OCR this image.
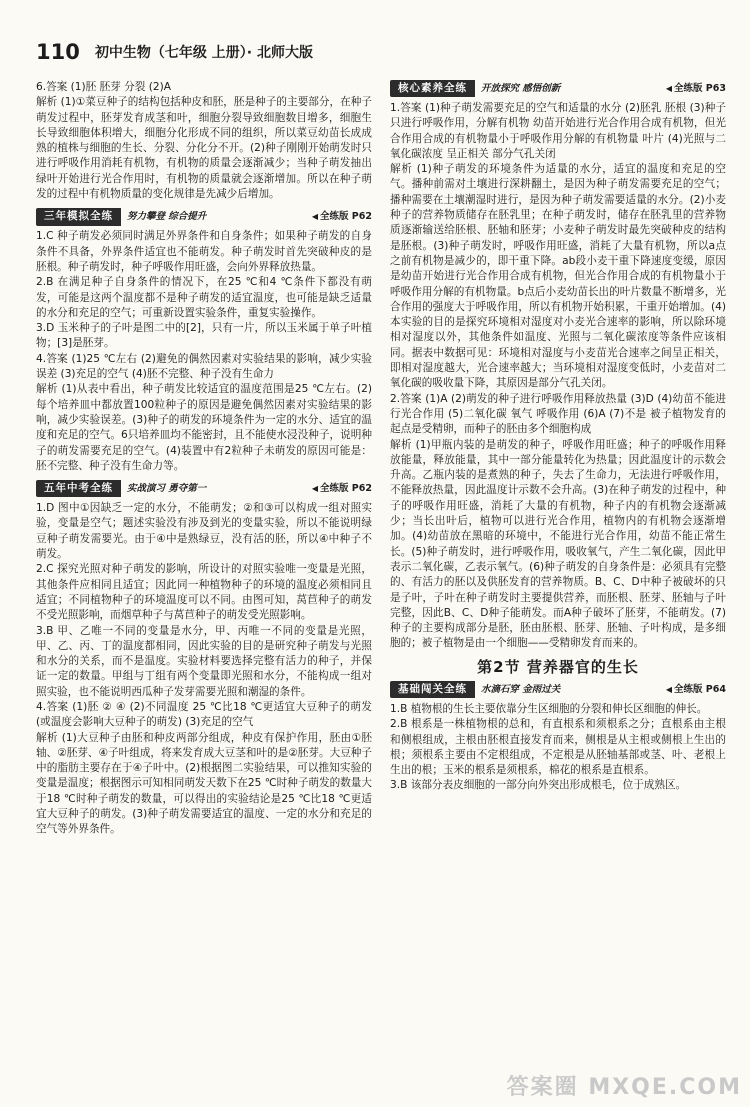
110 初中生物（七年级 上册）· 北师大版

6.答案 (1)胚 胚芽 分裂 (2)A

解析 (1)①菜豆种子的结构包括种皮和胚，胚是种子的主要部分，在种子萌发过程中，胚芽发育成茎和叶，细胞分裂导致细胞数目增多，细胞生长导致细胞体积增大，细胞分化形成不同的组织，所以菜豆幼苗长成成熟的植株与细胞的生长、分裂、分化分不开。(2)种子刚刚开始萌发时只进行呼吸作用消耗有机物，有机物的质量会逐渐减少；当种子萌发抽出绿叶开始进行光合作用时，有机物的质量就会逐渐增加。所以在种子萌发的过程中有机物质量的变化规律是先减少后增加。

三年模拟全练	努力攀登 综合提升	◀ 全练版 P62

1.C 种子萌发必须同时满足外界条件和自身条件；如果种子萌发的自身条件不具备，外界条件适宜也不能萌发。种子萌发时首先突破种皮的是胚根。种子萌发时，种子呼吸作用旺盛，会向外界释放热量。

2.B 在满足种子自身条件的情况下，在25 ℃和4 ℃条件下都没有萌发，可能是这两个温度都不是种子萌发的适宜温度，也可能是缺乏适量的水分和充足的空气；可重新设置实验条件，重复实验操作。

3.D 玉米种子的子叶是图二中的[2]，只有一片，所以玉米属于单子叶植物；[3]是胚芽。

4.答案 (1)25 ℃左右 (2)避免的偶然因素对实验结果的影响，减少实验误差 (3)充足的空气 (4)胚不完整、种子没有生命力

解析 (1)从表中看出，种子萌发比较适宜的温度范围是25 ℃左右。(2)每个培养皿中都放置100粒种子的原因是避免偶然因素对实验结果的影响，减少实验误差。(3)种子的萌发的环境条件为一定的水分、适宜的温度和充足的空气。6只培养皿均不能密封，且不能使水浸没种子，说明种子的萌发需要充足的空气。(4)装置中有2粒种子未萌发的原因可能是：胚不完整、种子没有生命力等。

五年中考全练	实战演习 勇夺第一	◀ 全练版 P62

1.D 图中①因缺乏一定的水分，不能萌发；②和③可以构成一组对照实验，变量是空气；题述实验没有涉及到光的变量实验，所以不能说明绿豆种子萌发需要光。由于④中是熟绿豆，没有活的胚，所以④中种子不萌发。

2.C 探究光照对种子萌发的影响，所设计的对照实验唯一变量是光照，其他条件应相同且适宜；因此同一种植物种子的环境的温度必须相同且适宜；不同植物种子的环境温度可以不同。由图可知，莴苣种子的萌发不受光照影响，而烟草种子与莴苣种子的萌发受光照影响。

3.B 甲、乙唯一不同的变量是水分，甲、丙唯一不同的变量是光照，甲、乙、丙、丁的温度都相同，因此实验的目的是研究种子萌发与光照和水分的关系，而不是温度。实验材料要选择完整有活力的种子，并保证一定的数量。甲组与丁组有两个变量即光照和水分，不能构成一组对照实验，也不能说明西瓜种子发芽需要光照和潮湿的条件。

4.答案 (1)胚 ② ④ (2)不同温度 25 ℃比18 ℃更适宜大豆种子的萌发(或温度会影响大豆种子的萌发) (3)充足的空气

解析 (1)大豆种子由胚和种皮两部分组成，种皮有保护作用，胚由①胚轴、②胚芽、④子叶组成，将来发育成大豆茎和叶的是②胚芽。大豆种子中的脂肪主要存在于④子叶中。(2)根据图二实验结果，可以推知实验的变量是温度；根据图示可知相同萌发天数下在25 ℃时种子萌发的数量大于18 ℃时种子萌发的数量，可以得出的实验结论是25 ℃比18 ℃更适宜大豆种子的萌发。(3)种子萌发需要适宜的温度、一定的水分和充足的空气等外界条件。

核心素养全练	开放探究 感悟创新	◀ 全练版 P63

1.答案 (1)种子萌发需要充足的空气和适量的水分 (2)胚乳 胚根 (3)种子只进行呼吸作用，分解有机物 幼苗开始进行光合作用合成有机物，但光合作用合成的有机物量小于呼吸作用分解的有机物量 叶片 (4)光照与二氧化碳浓度 呈正相关 部分气孔关闭

解析 (1)种子萌发的环境条件为适量的水分，适宜的温度和充足的空气。播种前需对土壤进行深耕翻土，是因为种子萌发需要充足的空气；播种需要在土壤潮湿时进行，是因为种子萌发需要适量的水分。(2)小麦种子的营养物质储存在胚乳里；在种子萌发时，储存在胚乳里的营养物质逐渐输送给胚根、胚轴和胚芽；小麦种子萌发时最先突破种皮的结构是胚根。(3)种子萌发时，呼吸作用旺盛，消耗了大量有机物，所以a点之前有机物是减少的，即干重下降。ab段小麦干重下降速度变缓，原因是幼苗开始进行光合作用合成有机物，但光合作用合成的有机物量小于呼吸作用分解的有机物量。b点后小麦幼苗长出的叶片数量不断增多，光合作用的强度大于呼吸作用，所以有机物开始积累，干重开始增加。(4)本实验的目的是探究环境相对湿度对小麦光合速率的影响，所以除环境相对湿度以外，其他条件如温度、光照与二氧化碳浓度等条件应该相同。据表中数据可见：环境相对湿度与小麦苗光合速率之间呈正相关，即相对湿度越大，光合速率越大；当环境相对湿度变低时，小麦苗对二氧化碳的吸收量下降，其原因是部分气孔关闭。

2.答案 (1)A (2)萌发的种子进行呼吸作用释放热量 (3)D (4)幼苗不能进行光合作用 (5)二氧化碳 氧气 呼吸作用 (6)A (7)不是 被子植物发育的起点是受精卵，而种子的胚由多个细胞构成

解析 (1)甲瓶内装的是萌发的种子，呼吸作用旺盛；种子的呼吸作用释放能量，释放能量，其中一部分能量转化为热量；因此温度计的示数会升高。乙瓶内装的是煮熟的种子，失去了生命力，无法进行呼吸作用，不能释放热量，因此温度计示数不会升高。(3)在种子萌发的过程中，种子的呼吸作用旺盛，消耗了大量的有机物，种子内的有机物会逐渐减少；当长出叶后，植物可以进行光合作用，植物内的有机物会逐渐增加。(4)幼苗放在黑暗的环境中，不能进行光合作用，幼苗不能正常生长。(5)种子萌发时，进行呼吸作用，吸收氧气，产生二氧化碳，因此甲表示二氧化碳，乙表示氧气。(6)种子萌发的自身条件是：必须具有完整的、有活力的胚以及供胚发育的营养物质。B、C、D中种子被破坏的只是子叶，子叶在种子萌发时主要提供营养，而胚根、胚芽、胚轴与子叶完整，因此B、C、D种子能萌发。而A种子破坏了胚芽，不能萌发。(7)种子的主要构成部分是胚，胚由胚根、胚芽、胚轴、子叶构成，是多细胞的；被子植物是由一个细胞——受精卵发育而来的。

第2节 营养器官的生长
基础闯关全练	水滴石穿 金雨过关	◀ 全练版 P64

1.B 植物根的生长主要依靠分生区细胞的分裂和伸长区细胞的伸长。

2.B 根系是一株植物根的总和，有直根系和须根系之分；直根系由主根和侧根组成，主根由胚根直接发育而来，侧根是从主根或侧根上生出的根；须根系主要由不定根组成，不定根是从胚轴基部或茎、叶、老根上生出的根；玉米的根系是须根系，棉花的根系是直根系。

3.B 该部分表皮细胞的一部分向外突出形成根毛，位于成熟区。

答案圈 MXQE.COM
